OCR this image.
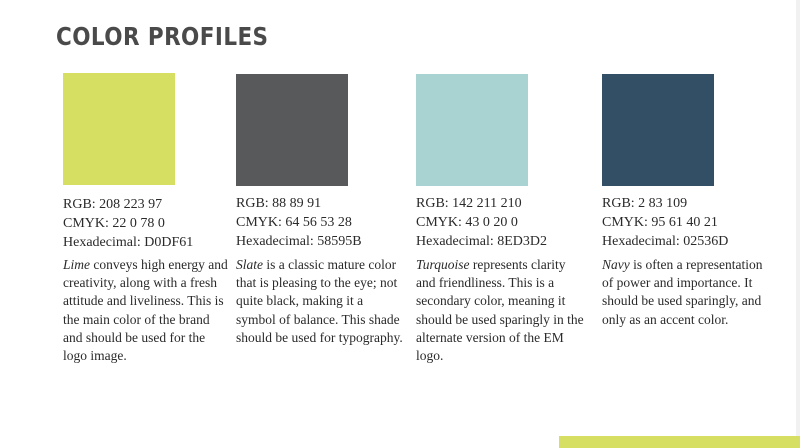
COLOR PROFILES
RGB: 208 223 97
CMYK: 22 0 78 0
Hexadecimal: D0DF61
Lime conveys high energy and creativity, along with a fresh attitude and liveliness. This is the main color of the brand and should be used for the logo image.
RGB: 88 89 91
CMYK: 64 56 53 28
Hexadecimal: 58595B
Slate is a classic mature color that is pleasing to the eye; not quite black, making it a symbol of balance. This shade should be used for typography.
RGB: 142 211 210
CMYK: 43 0 20 0
Hexadecimal: 8ED3D2
Turquoise represents clarity and friendliness. This is a secondary color, meaning it should be used sparingly in the alternate version of the EM logo.
RGB: 2 83 109
CMYK: 95 61 40 21
Hexadecimal: 02536D
Navy is often a representation of power and importance. It should be used sparingly, and only as an accent color.
